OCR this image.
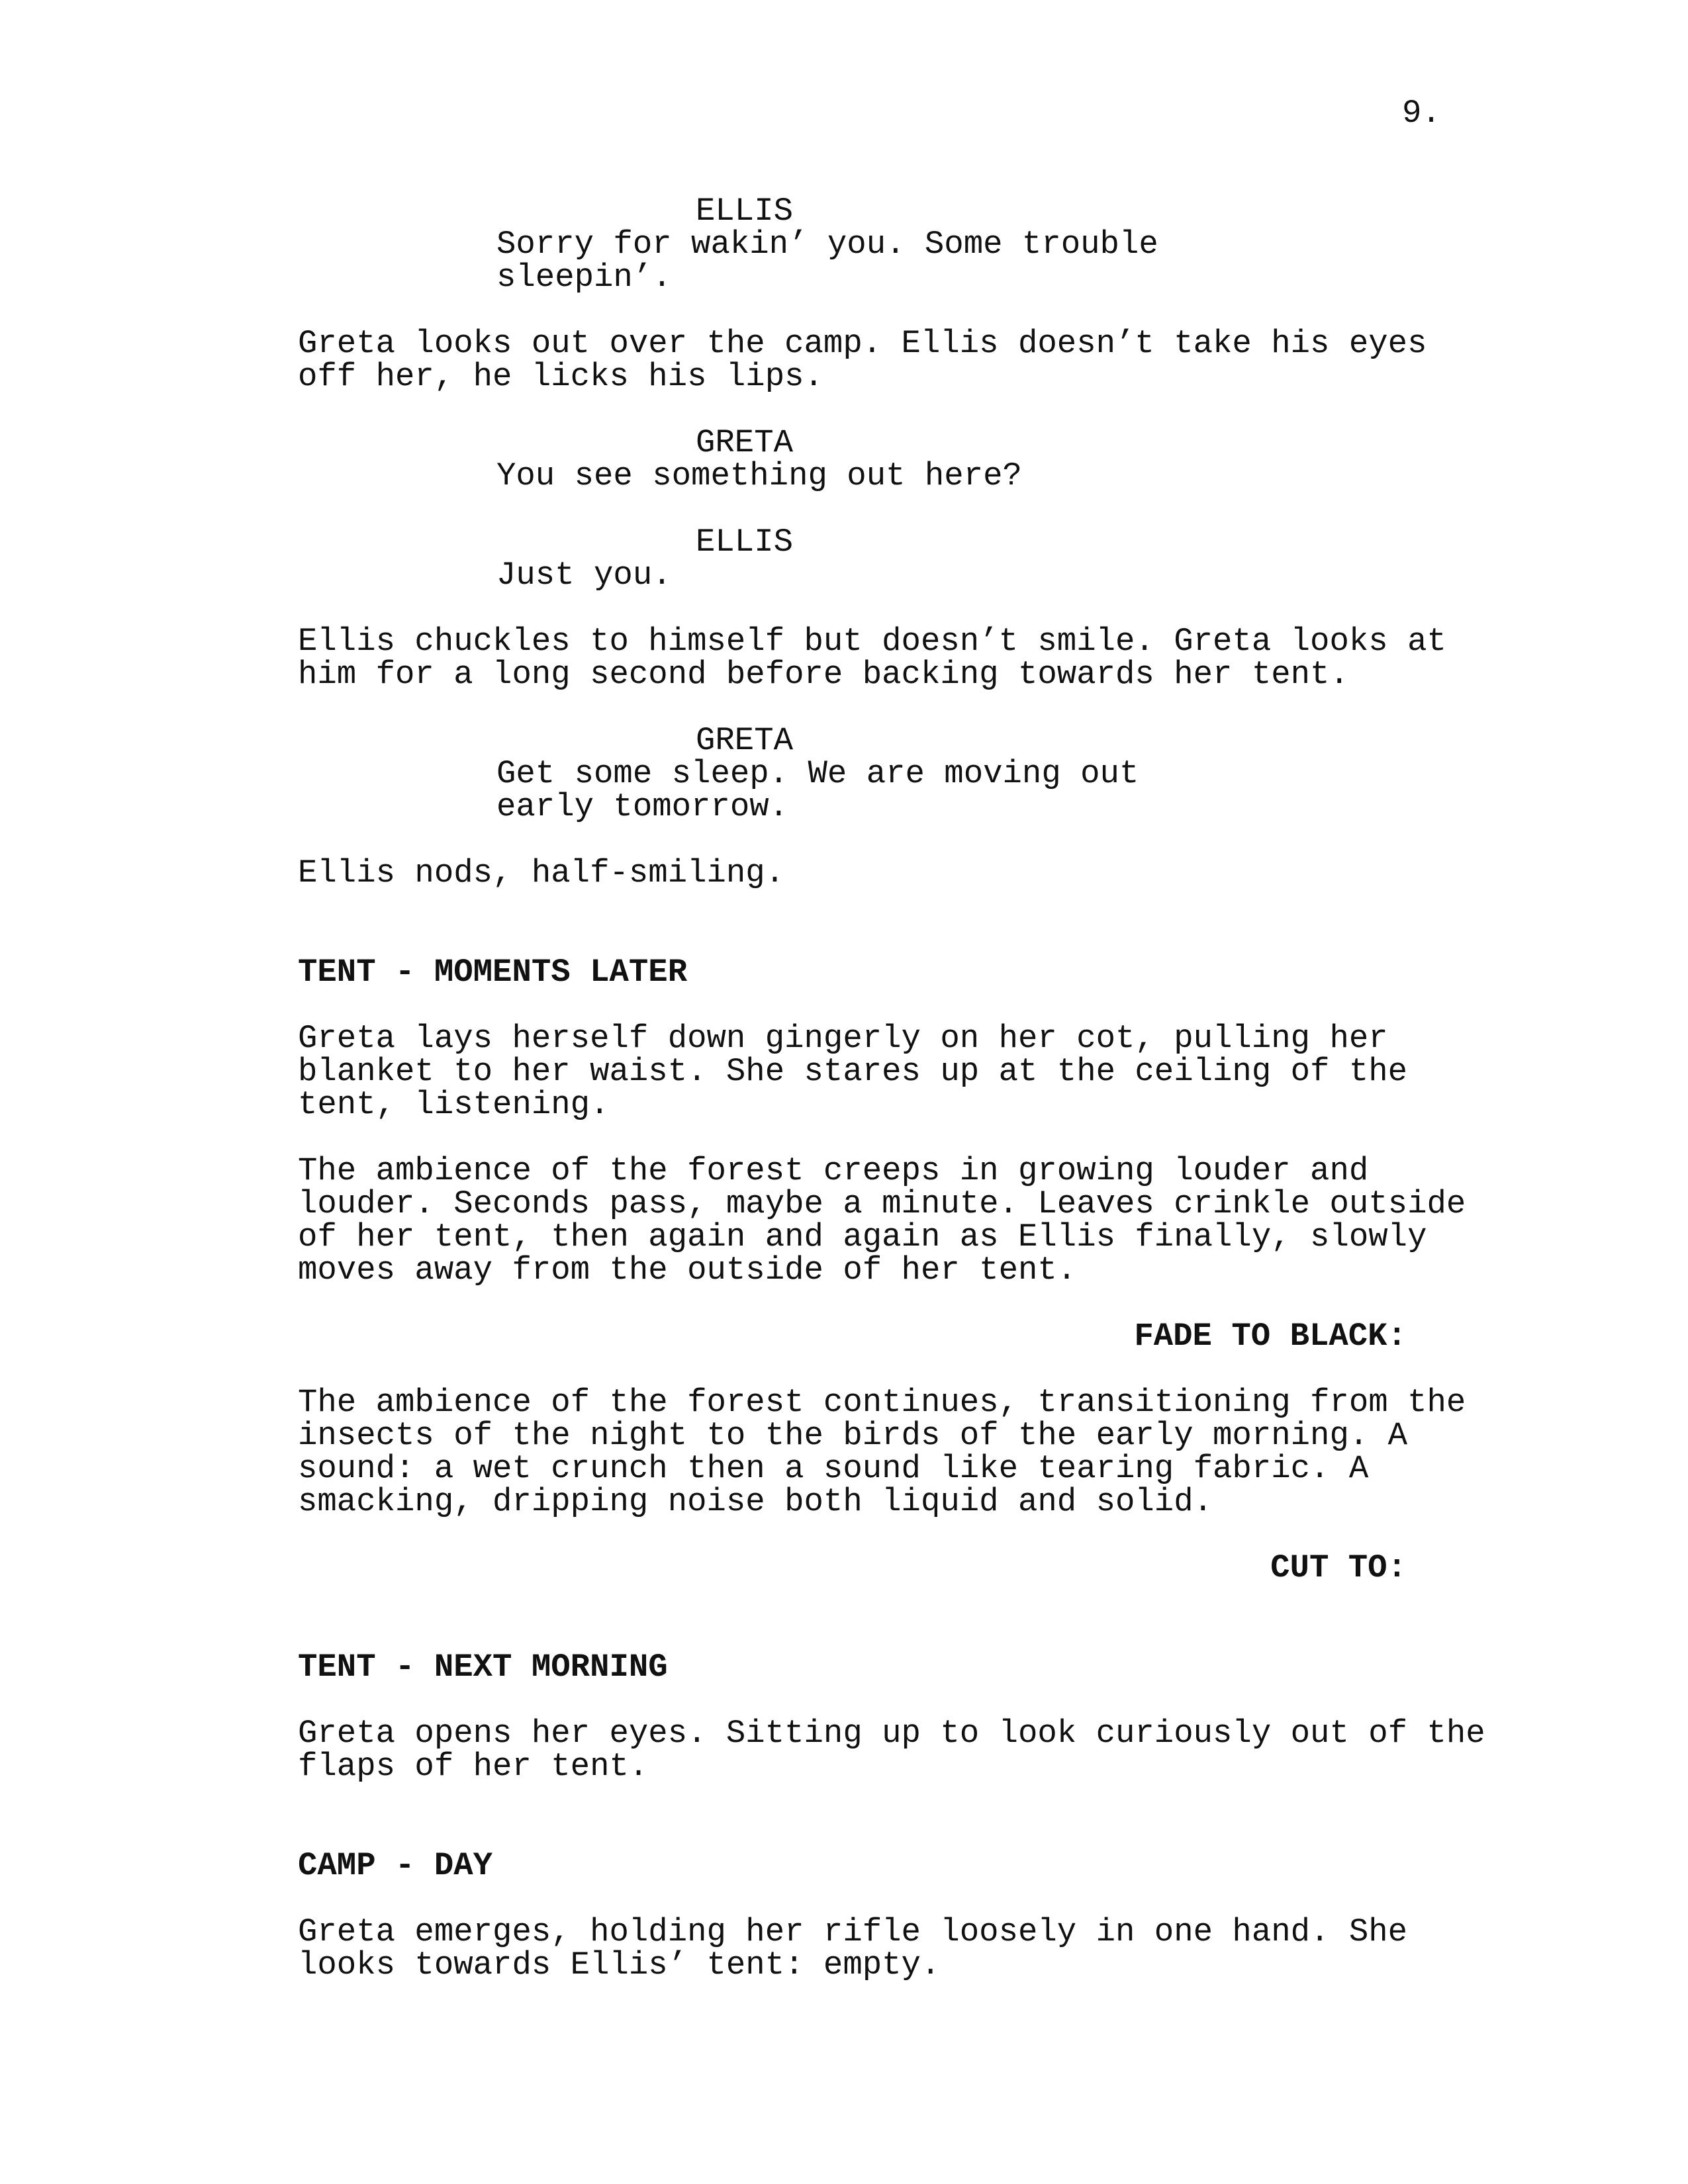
9.
ELLIS
Sorry for wakin’ you. Some trouble
sleepin’.
Greta looks out over the camp. Ellis doesn’t take his eyes
off her, he licks his lips.
GRETA
You see something out here?
ELLIS
Just you.
Ellis chuckles to himself but doesn’t smile. Greta looks at
him for a long second before backing towards her tent.
GRETA
Get some sleep. We are moving out
early tomorrow.
Ellis nods, half-smiling.
TENT - MOMENTS LATER
Greta lays herself down gingerly on her cot, pulling her
blanket to her waist. She stares up at the ceiling of the
tent, listening.
The ambience of the forest creeps in growing louder and
louder. Seconds pass, maybe a minute. Leaves crinkle outside
of her tent, then again and again as Ellis finally, slowly
moves away from the outside of her tent.
FADE TO BLACK:
The ambience of the forest continues, transitioning from the
insects of the night to the birds of the early morning. A
sound: a wet crunch then a sound like tearing fabric. A
smacking, dripping noise both liquid and solid.
CUT TO:
TENT - NEXT MORNING
Greta opens her eyes. Sitting up to look curiously out of the
flaps of her tent.
CAMP - DAY
Greta emerges, holding her rifle loosely in one hand. She
looks towards Ellis’ tent: empty.
